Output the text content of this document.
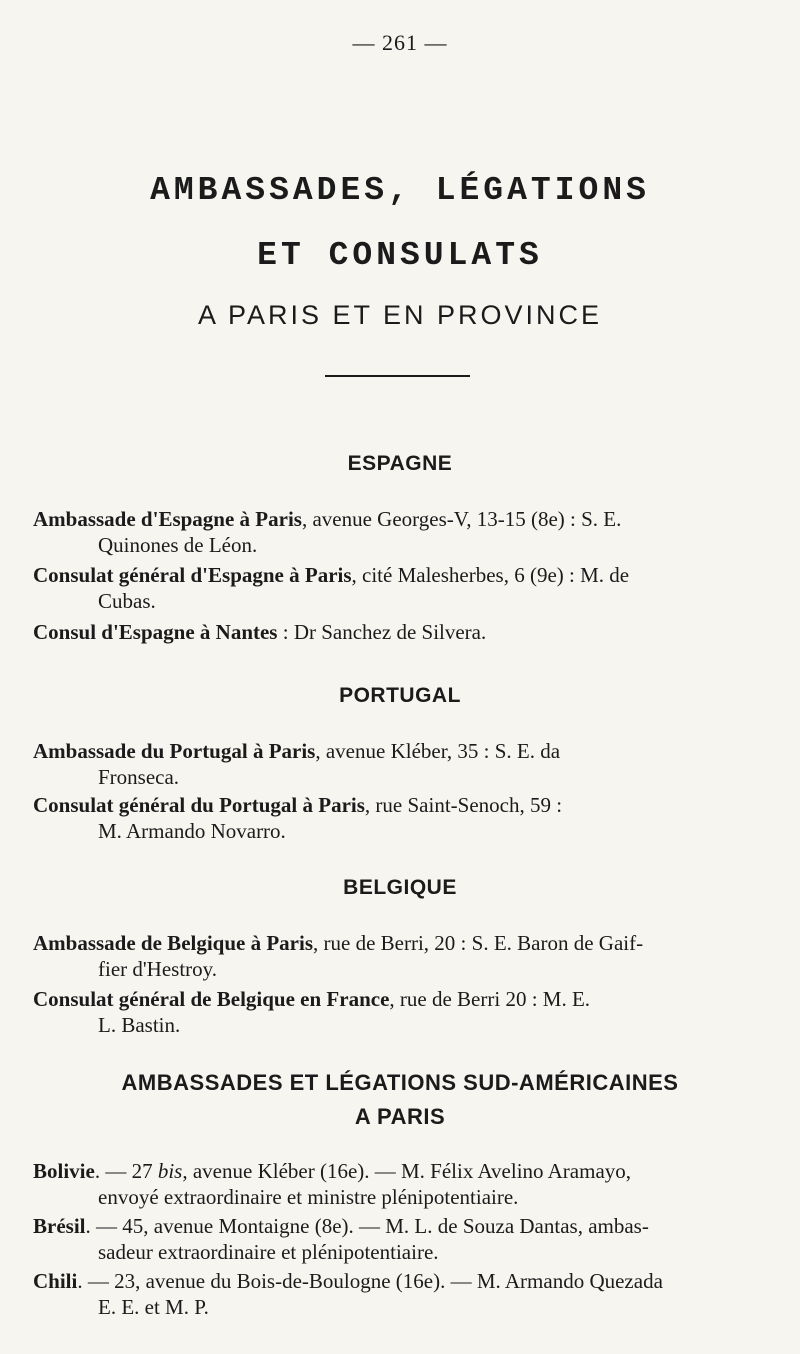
— 261 —
AMBASSADES, LÉGATIONS
ET CONSULATS
A PARIS ET EN PROVINCE
ESPAGNE
Ambassade d'Espagne à Paris, avenue Georges-V, 13-15 (8e) : S. E.
Quinones de Léon.
Consulat général d'Espagne à Paris, cité Malesherbes, 6 (9e) : M. de
Cubas.
Consul d'Espagne à Nantes : Dr Sanchez de Silvera.
PORTUGAL
Ambassade du Portugal à Paris, avenue Kléber, 35 : S. E. da
Fronseca.
Consulat général du Portugal à Paris, rue Saint-Senoch, 59 :
M. Armando Novarro.
BELGIQUE
Ambassade de Belgique à Paris, rue de Berri, 20 : S. E. Baron de Gaif-
fier d'Hestroy.
Consulat général de Belgique en France, rue de Berri 20 : M. E.
L. Bastin.
AMBASSADES ET LÉGATIONS SUD-AMÉRICAINES
A PARIS
Bolivie. — 27 bis, avenue Kléber (16e). — M. Félix Avelino Aramayo,
envoyé extraordinaire et ministre plénipotentiaire.
Brésil. — 45, avenue Montaigne (8e). — M. L. de Souza Dantas, ambas-
sadeur extraordinaire et plénipotentiaire.
Chili. — 23, avenue du Bois-de-Boulogne (16e). — M. Armando Quezada
E. E. et M. P.
